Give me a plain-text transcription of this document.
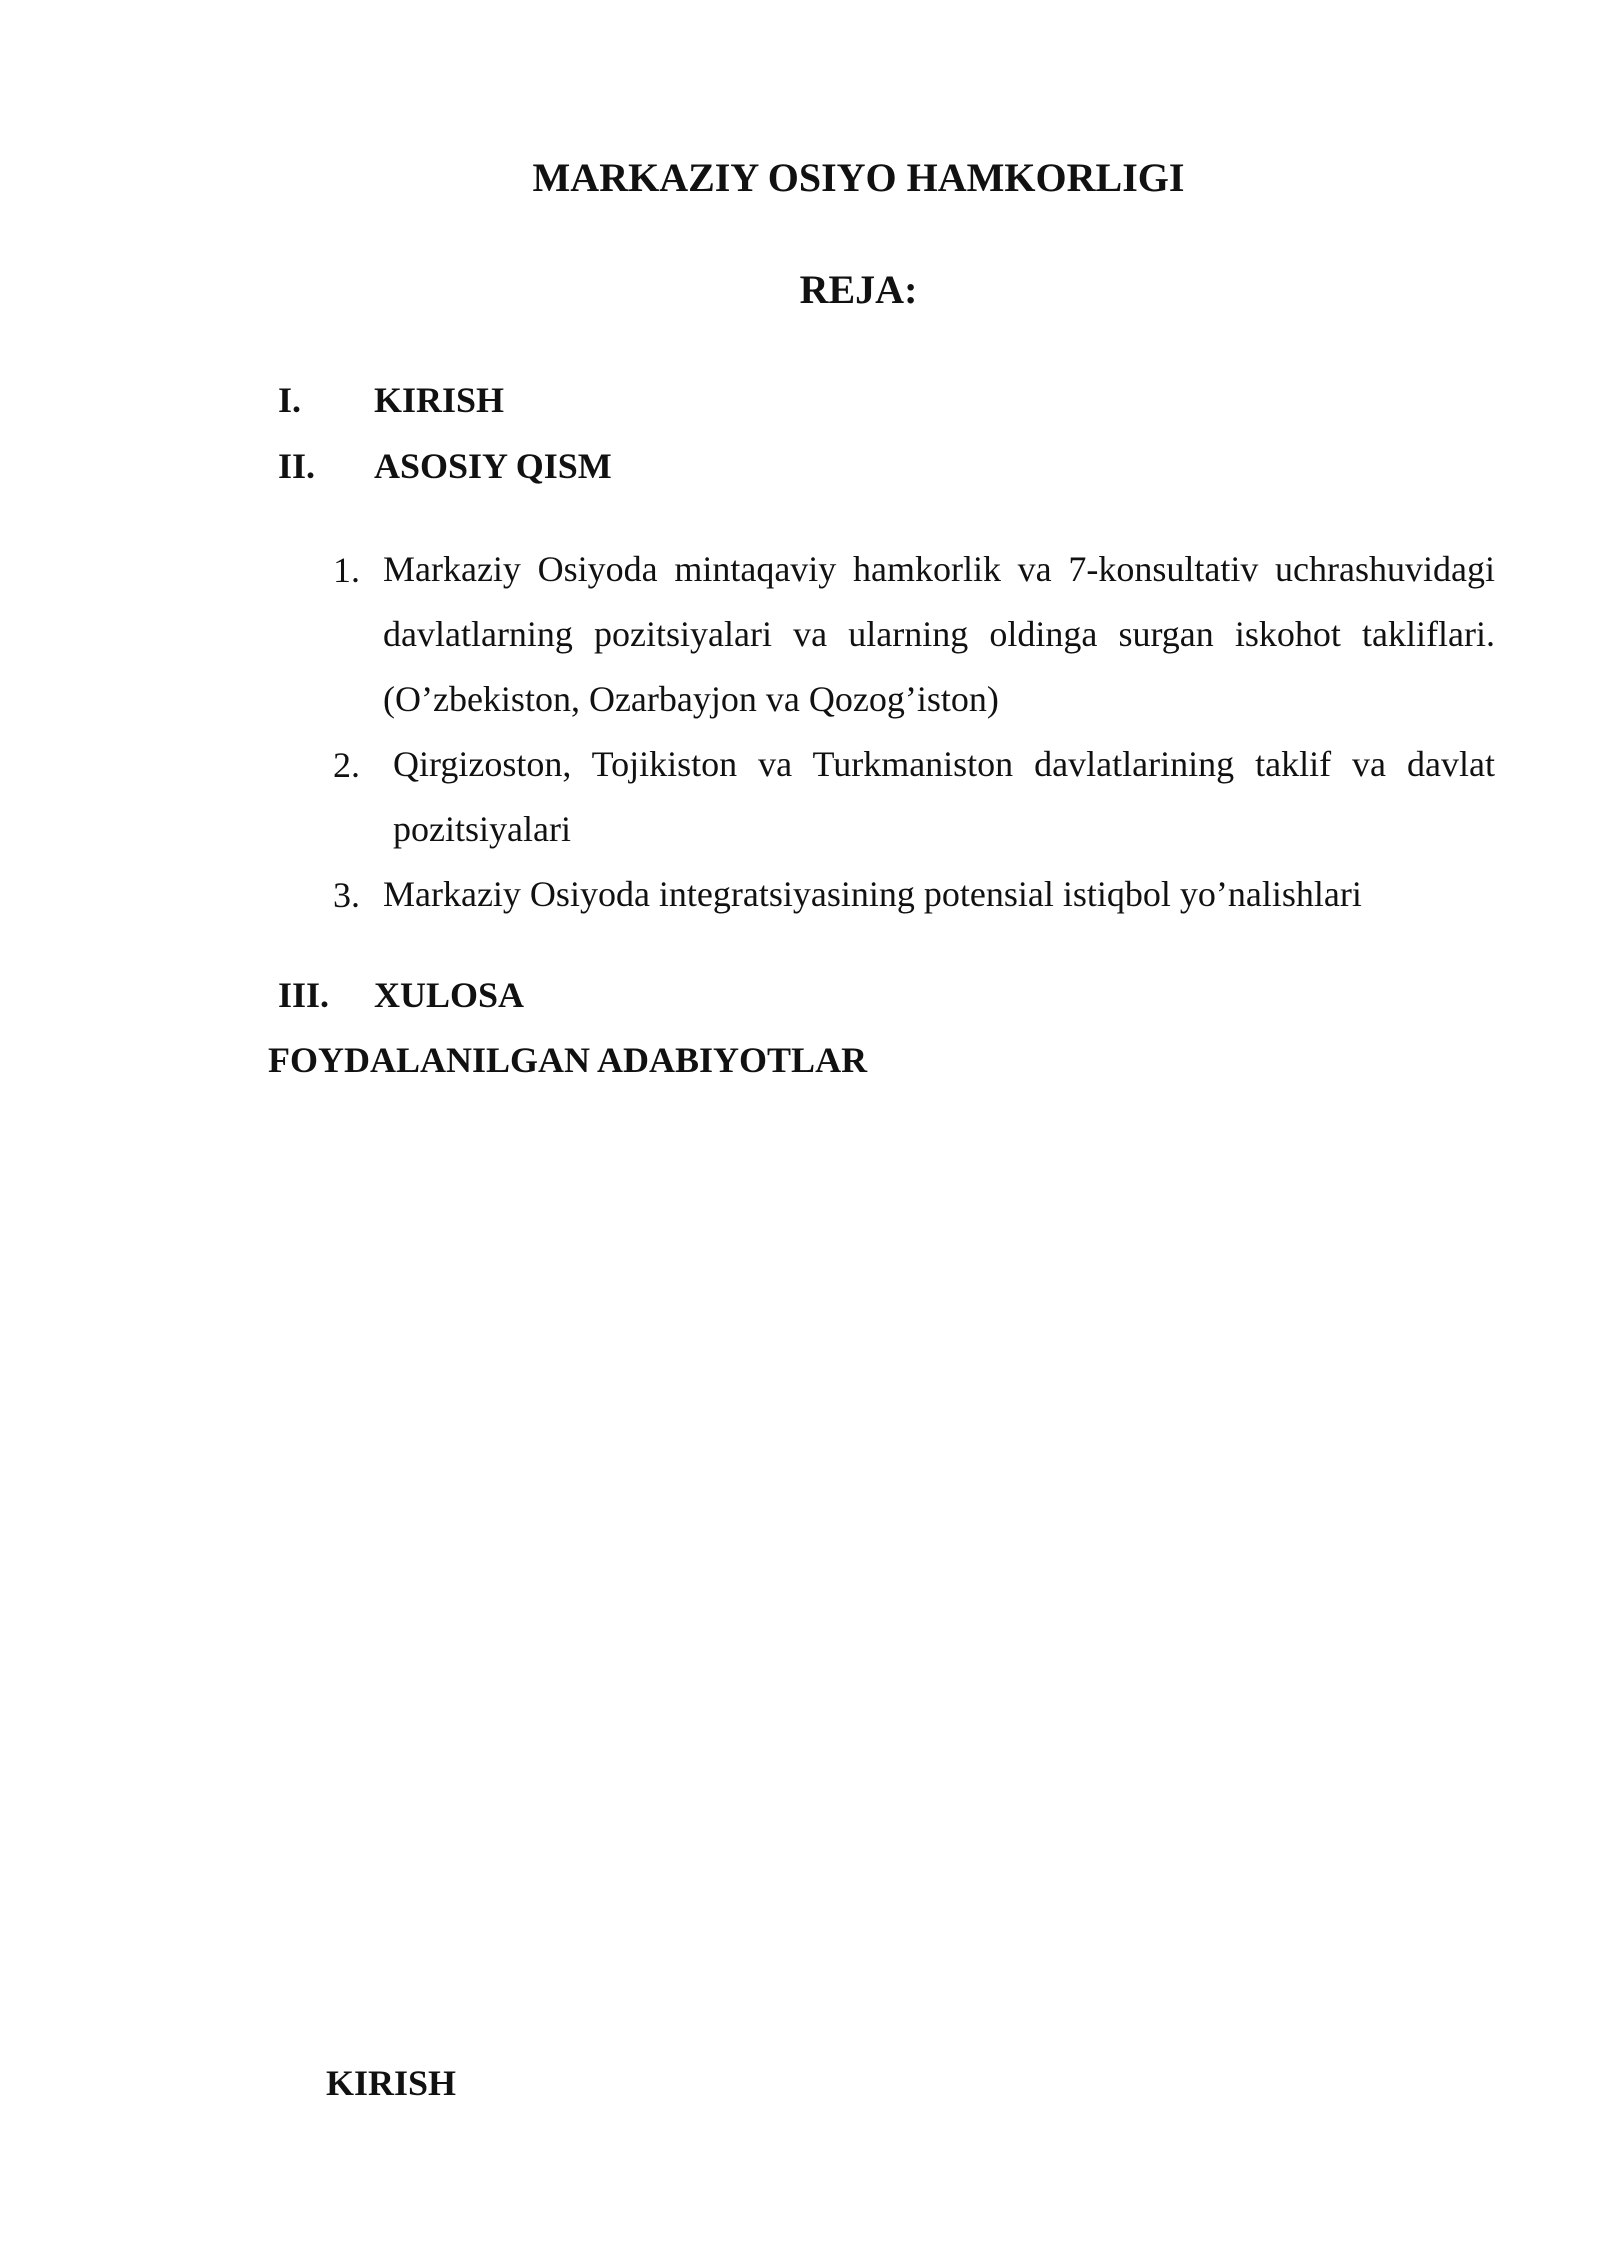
MARKAZIY OSIYO HAMKORLIGI
REJA:
I. KIRISH
II. ASOSIY QISM
1. Markaziy Osiyoda mintaqaviy hamkorlik va 7-konsultativ uchrashuvidagi davlatlarning pozitsiyalari va ularning oldinga surgan iskohot takliflari. (O’zbekiston, Ozarbayjon va Qozog’iston)
2. Qirgizoston, Tojikiston va Turkmaniston davlatlarining taklif va davlat pozitsiyalari
3. Markaziy Osiyoda integratsiyasining potensial istiqbol yo’nalishlari
III. XULOSA
FOYDALANILGAN ADABIYOTLAR
KIRISH
